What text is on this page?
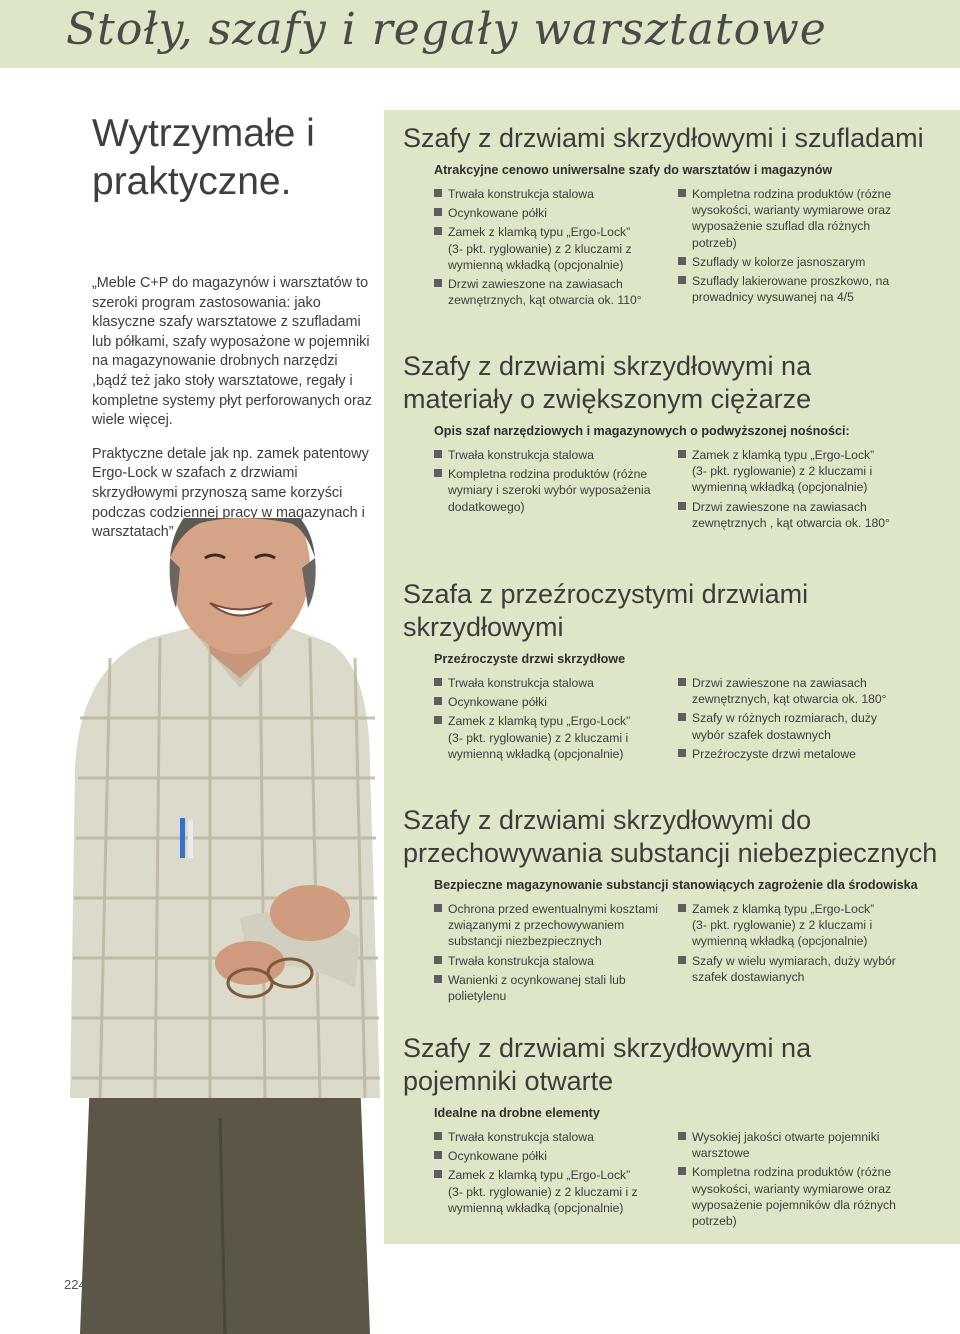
Stoły, szafy i regały warsztatowe
Wytrzymałe i
praktyczne.

„Meble C+P do magazynów i warsztatów to szeroki program zastosowania: jako klasyczne szafy warsztatowe z szufladami lub półkami, szafy wyposażone w pojemniki na magazynowanie drobnych narzędzi ,bądź też jako stoły warsztatowe, regały i kompletne systemy płyt perforowanych oraz wiele więcej.

Praktyczne detale jak np. zamek patentowy Ergo-Lock w szafach z drzwiami skrzydłowymi przynoszą same korzyści podczas codziennej pracy w magazynach i warsztatach”

224
Szafy z drzwiami skrzydłowymi i szufladami
Atrakcyjne cenowo uniwersalne szafy do warsztatów i magazynów
Trwała konstrukcja stalowa
Ocynkowane półki
Zamek z klamką typu „Ergo-Lock”
(3- pkt. ryglowanie) z 2 kluczami z
wymienną wkładką (opcjonalnie)
Drzwi zawieszone na zawiasach
zewnętrznych, kąt otwarcia ok. 110°
Kompletna rodzina produktów (różne
wysokości, warianty wymiarowe oraz
wyposażenie szuflad dla różnych
potrzeb)
Szuflady w kolorze jasnoszarym
Szuflady lakierowane proszkowo, na
prowadnicy wysuwanej na 4/5
Szafy z drzwiami skrzydłowymi na
materiały o zwiększonym ciężarze
Opis szaf narzędziowych i magazynowych o podwyższonej nośności:
Trwała konstrukcja stalowa
Kompletna rodzina produktów (różne
wymiary i szeroki wybór wyposażenia
dodatkowego)
Zamek z klamką typu „Ergo-Lock”
(3- pkt. ryglowanie) z 2 kluczami i
wymienną wkładką (opcjonalnie)
Drzwi zawieszone na zawiasach
zewnętrznych , kąt otwarcia ok. 180°
Szafa z przeźroczystymi drzwiami
skrzydłowymi
Przeźroczyste drzwi skrzydłowe
Trwała konstrukcja stalowa
Ocynkowane półki
Zamek z klamką typu „Ergo-Lock”
(3- pkt. ryglowanie) z 2 kluczami i
wymienną wkładką (opcjonalnie)
Drzwi zawieszone na zawiasach
zewnętrznych, kąt otwarcia ok. 180°
Szafy w różnych rozmiarach, duży
wybór szafek dostawnych
Przeźroczyste drzwi metalowe
Szafy z drzwiami skrzydłowymi do
przechowywania substancji niebezpiecznych
Bezpieczne magazynowanie substancji stanowiących zagrożenie dla środowiska
Ochrona przed ewentualnymi kosztami
związanymi z przechowywaniem
substancji niezbezpiecznych
Trwała konstrukcja stalowa
Wanienki z ocynkowanej stali lub
polietylenu
Zamek z klamką typu „Ergo-Lock”
(3- pkt. ryglowanie) z 2 kluczami i
wymienną wkładką (opcjonalnie)
Szafy w wielu wymiarach, duży wybór
szafek dostawianych
Szafy z drzwiami skrzydłowymi na
pojemniki otwarte
Idealne na drobne elementy
Trwała konstrukcja stalowa
Ocynkowane półki
Zamek z klamką typu „Ergo-Lock”
(3- pkt. ryglowanie) z 2 kluczami i z
wymienną wkładką (opcjonalnie)
Wysokiej jakości otwarte pojemniki
warsztowe
Kompletna rodzina produktów (różne
wysokości, warianty wymiarowe oraz
wyposażenie pojemników dla różnych
potrzeb)
